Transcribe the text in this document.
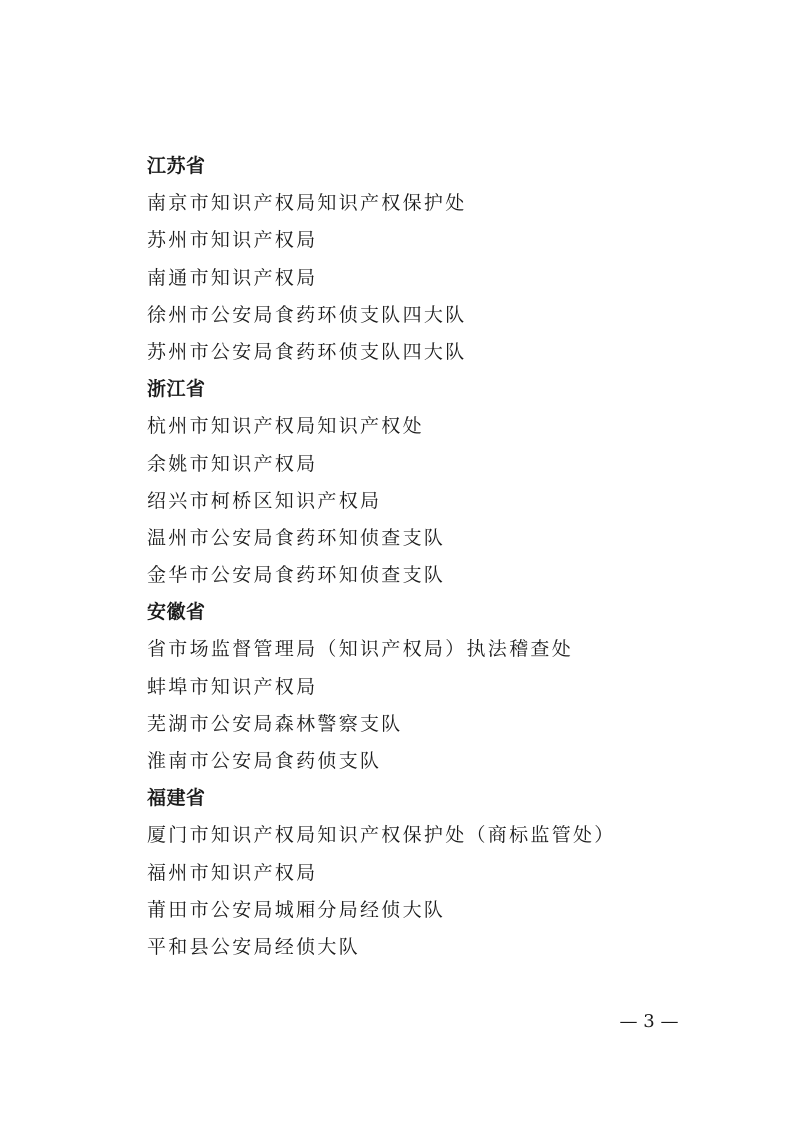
江苏省
南京市知识产权局知识产权保护处
苏州市知识产权局
南通市知识产权局
徐州市公安局食药环侦支队四大队
苏州市公安局食药环侦支队四大队
浙江省
杭州市知识产权局知识产权处
余姚市知识产权局
绍兴市柯桥区知识产权局
温州市公安局食药环知侦查支队
金华市公安局食药环知侦查支队
安徽省
省市场监督管理局（知识产权局）执法稽查处
蚌埠市知识产权局
芜湖市公安局森林警察支队
淮南市公安局食药侦支队
福建省
厦门市知识产权局知识产权保护处（商标监管处）
福州市知识产权局
莆田市公安局城厢分局经侦大队
平和县公安局经侦大队
— 3 —
